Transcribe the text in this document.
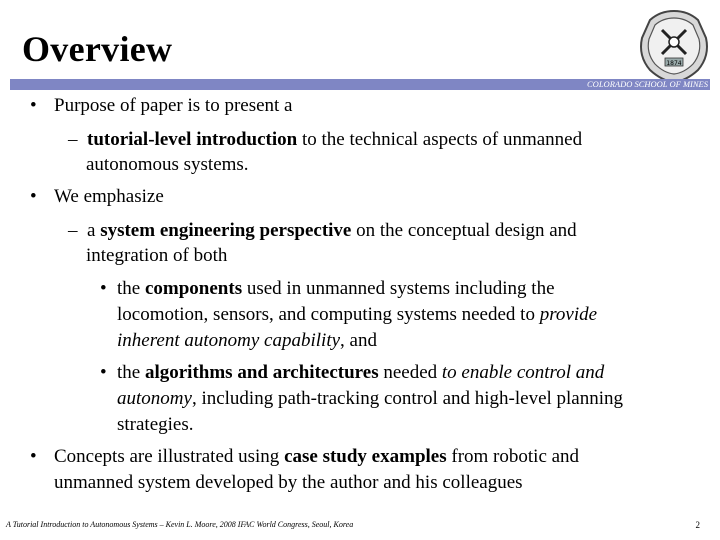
Overview	1874
COLORADO SCHOOL OF MINES
• Purpose of paper is to present a
– tutorial-level introduction to the technical aspects of unmanned
autonomous systems.
• We emphasize
– a system engineering perspective on the conceptual design and
integration of both
• the components used in unmanned systems including the
locomotion, sensors, and computing systems needed to provide
inherent autonomy capability, and
• the algorithms and architectures needed to enable control and
autonomy, including path-tracking control and high-level planning
strategies.
• Concepts are illustrated using case study examples from robotic and
unmanned system developed by the author and his colleagues
A Tutorial Introduction to Autonomous Systems – Kevin L. Moore, 2008 IFAC World Congress, Seoul, Korea	2
